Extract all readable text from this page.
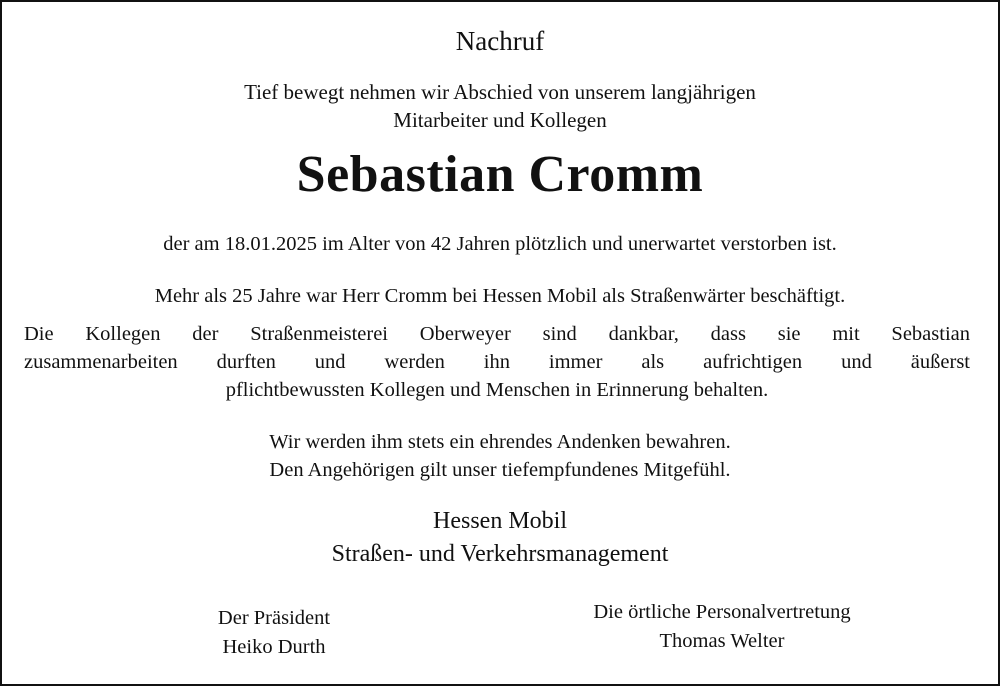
Nachruf
Tief bewegt nehmen wir Abschied von unserem langjährigen
Mitarbeiter und Kollegen
Sebastian Cromm
der am 18.01.2025 im Alter von 42 Jahren plötzlich und unerwartet verstorben ist.
Mehr als 25 Jahre war Herr Cromm bei Hessen Mobil als Straßenwärter beschäftigt.
Die Kollegen der Straßenmeisterei Oberweyer sind dankbar, dass sie mit Sebastian
zusammenarbeiten durften und werden ihn immer als aufrichtigen und äußerst
pflichtbewussten Kollegen und Menschen in Erinnerung behalten.
Wir werden ihm stets ein ehrendes Andenken bewahren.
Den Angehörigen gilt unser tiefempfundenes Mitgefühl.
Hessen Mobil
Straßen- und Verkehrsmanagement
Der Präsident
Heiko Durth
Die örtliche Personalvertretung
Thomas Welter
